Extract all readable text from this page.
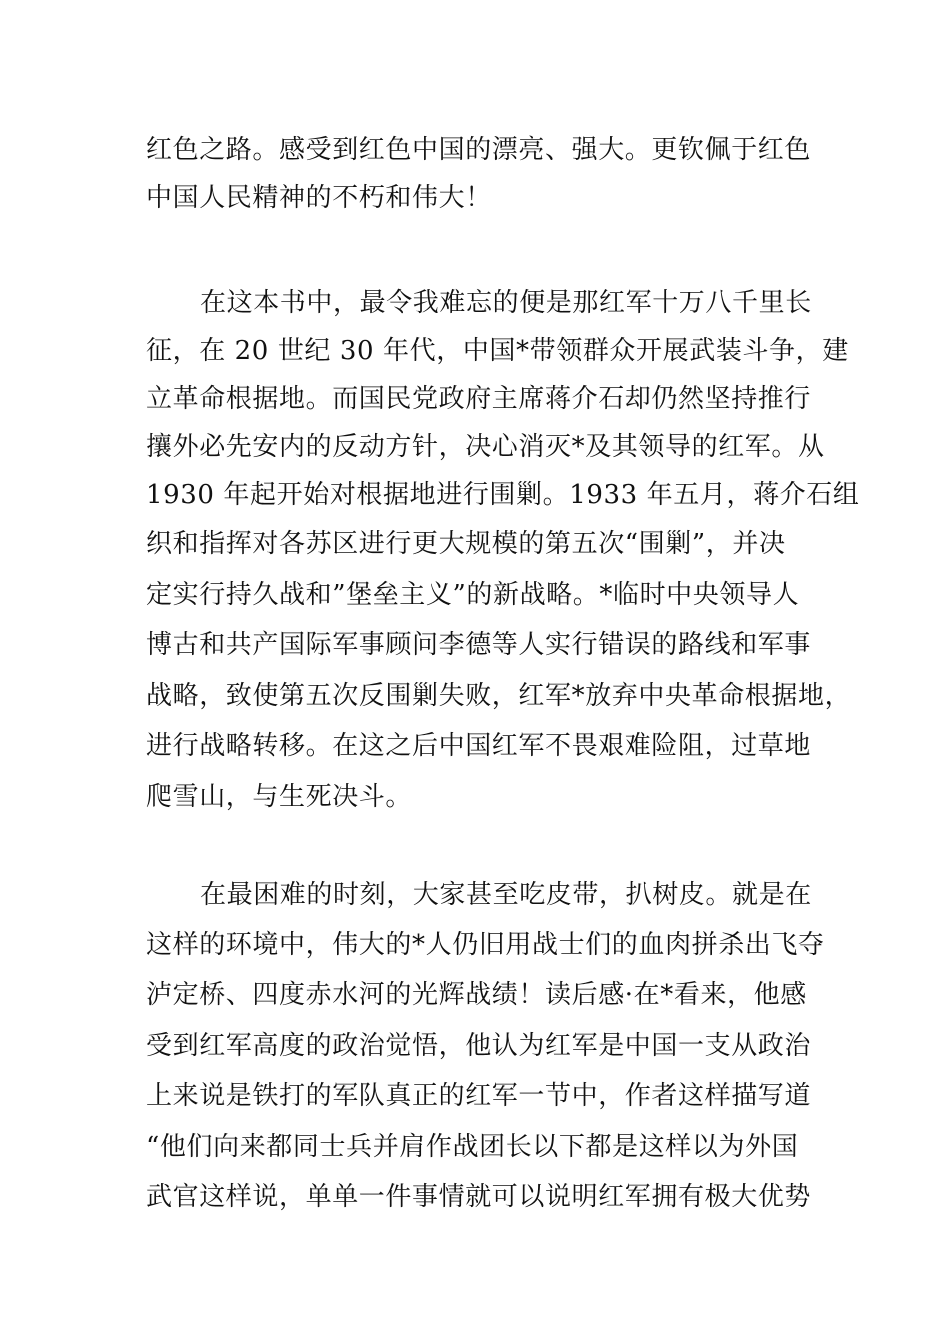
红色之路。感受到红色中国的漂亮、强大。更钦佩于红色
中国人民精神的不朽和伟大！
在这本书中，最令我难忘的便是那红军十万八千里长
征，在 20 世纪 30 年代，中国*带领群众开展武装斗争，建
立革命根据地。而国民党政府主席蒋介石却仍然坚持推行
攘外必先安内的反动方针，决心消灭*及其领导的红军。从
1930 年起开始对根据地进行围剿。1933 年五月，蒋介石组
织和指挥对各苏区进行更大规模的第五次“围剿”，并决
定实行持久战和”堡垒主义”的新战略。*临时中央领导人
博古和共产国际军事顾问李德等人实行错误的路线和军事
战略，致使第五次反围剿失败，红军*放弃中央革命根据地，
进行战略转移。在这之后中国红军不畏艰难险阻，过草地
爬雪山，与生死决斗。
在最困难的时刻，大家甚至吃皮带，扒树皮。就是在
这样的环境中，伟大的*人仍旧用战士们的血肉拼杀出飞夺
泸定桥、四度赤水河的光辉战绩！读后感·在*看来，他感
受到红军高度的政治觉悟，他认为红军是中国一支从政治
上来说是铁打的军队真正的红军一节中，作者这样描写道
“他们向来都同士兵并肩作战团长以下都是这样以为外国
武官这样说，单单一件事情就可以说明红军拥有极大优势
